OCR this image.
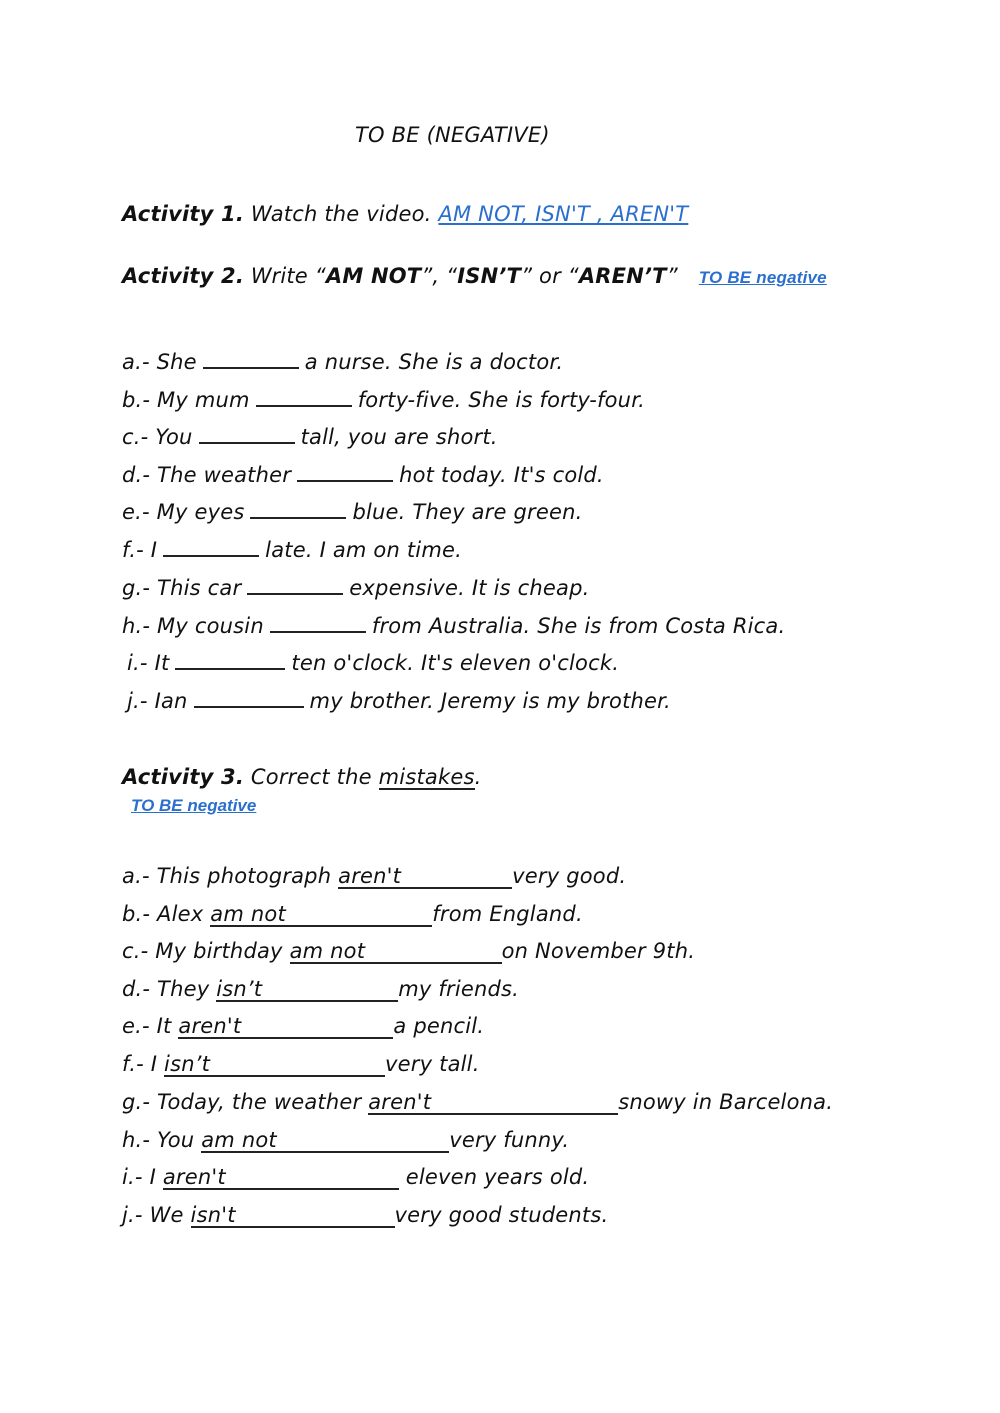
TO BE (NEGATIVE)
Activity 1. Watch the video. AM NOT, ISN'T , AREN'T
Activity 2. Write “AM NOT”, “ISN’T” or “AREN’T” TO BE negative
a.- She	a nurse. She is a doctor.
b.- My mum	forty-five. She is forty-four.
c.- You	tall, you are short.
d.- The weather	hot today. It's cold.
e.- My eyes	blue. They are green.
f.- I	late. I am on time.
g.- This car	expensive. It is cheap.
h.- My cousin	from Australia. She is from Costa Rica.
i.- It	ten o'clock. It's eleven o'clock.
j.- Ian	my brother. Jeremy is my brother.
Activity 3. Correct the mistakes.
TO BE negative
a.- This photograph aren't	very good.
b.- Alex am not	from England.
c.- My birthday am not	on November 9th.
d.- They isn’t	my friends.
e.- It aren't	a pencil.
f.- I isn’t	very tall.
g.- Today, the weather aren't	snowy in Barcelona.
h.- You am not	very funny.
i.- I aren't	eleven years old.
j.- We isn't	very good students.
